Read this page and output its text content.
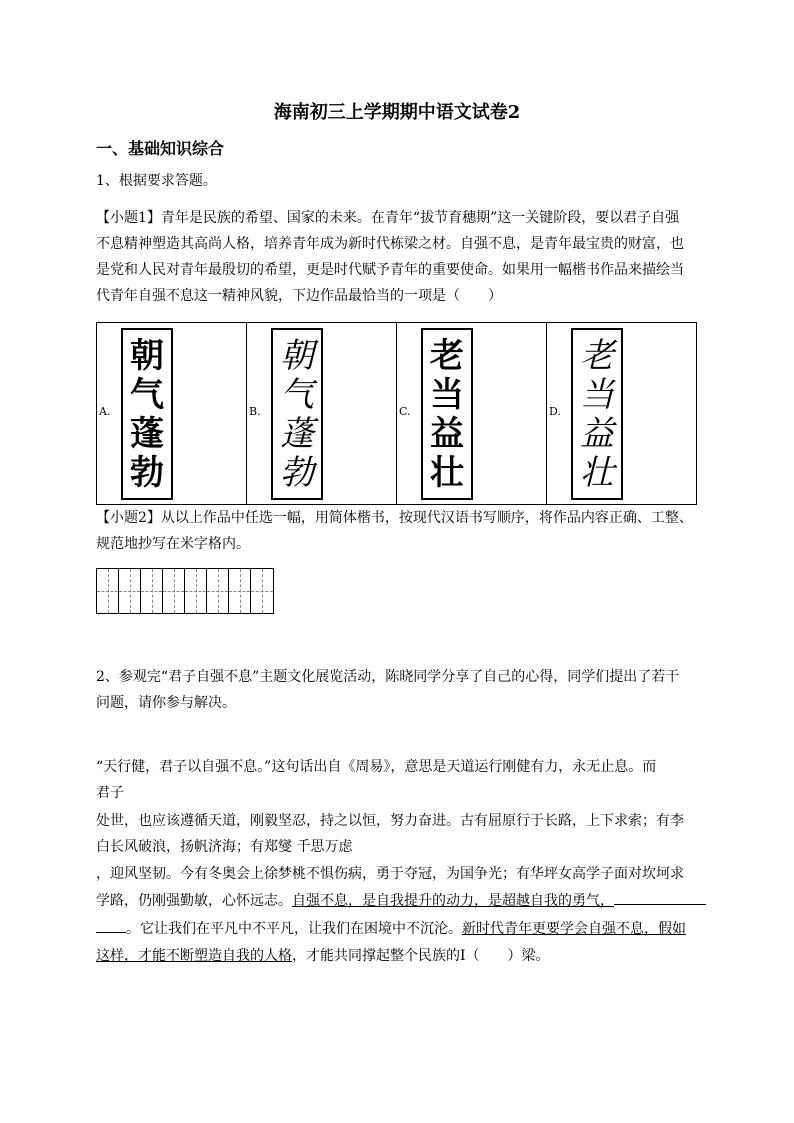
海南初三上学期期中语文试卷2
一、基础知识综合
1、根据要求答题。
【小题1】青年是民族的希望、国家的未来。在青年“拔节育穗期”这一关键阶段，要以君子自强
不息精神塑造其高尚人格，培养青年成为新时代栋梁之材。自强不息，是青年最宝贵的财富，也
是党和人民对青年最殷切的希望，更是时代赋予青年的重要使命。如果用一幅楷书作品来描绘当
代青年自强不息这一精神风貌，下边作品最恰当的一项是（　　）
A.
朝
气
蓬
勃
B.
朝
气
蓬
勃
C.
老
当
益
壮
D.
老
当
益
壮
【小题2】从以上作品中任选一幅，用简体楷书，按现代汉语书写顺序，将作品内容正确、工整、
规范地抄写在米字格内。
2、参观完“君子自强不息”主题文化展览活动，陈晓同学分享了自己的心得，同学们提出了若干
问题，请你参与解决。
“天行健，君子以自强不息。”这句话出自《周易》，意思是天道运行刚健有力，永无止息。而
君子
处世，也应该遵循天道，刚毅坚忍，持之以恒，努力奋进。古有屈原行于长路，上下求索；有李
白长风破浪，扬帆济海；有郑燮 千思万虑
，迎风坚韧。今有冬奥会上徐梦桃不惧伤病，勇于夺冠，为国争光；有华坪女高学子面对坎坷求
学路，仍刚强勤敏，心怀远志。自强不息，是自我提升的动力，是超越自我的勇气，
。它让我们在平凡中不平凡，让我们在困境中不沉沦。新时代青年更要学会自强不息，假如
这样，才能不断塑造自我的人格，才能共同撑起整个民族的Ⅰ（　　）梁。
